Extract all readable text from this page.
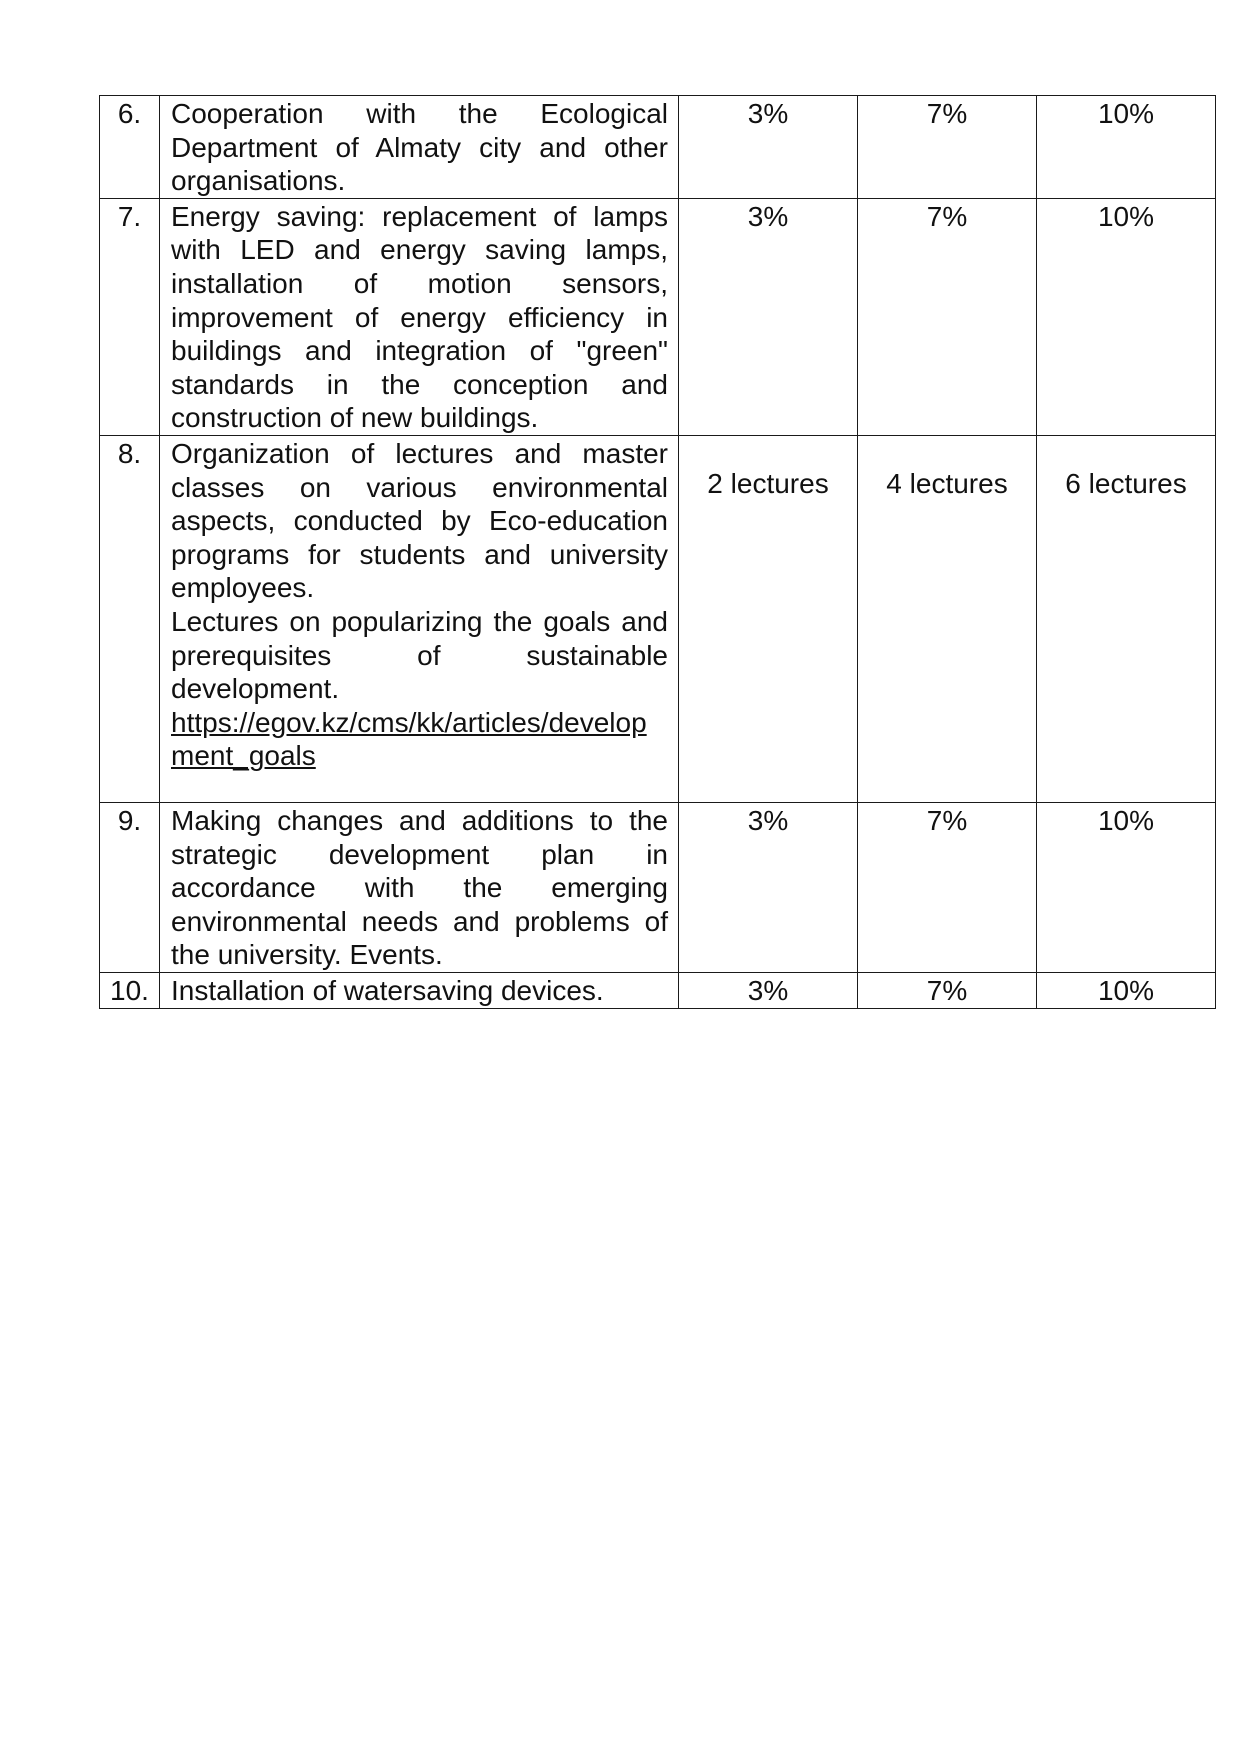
6.	Cooperation with the Ecological Department of Almaty city and other organisations.	3%	7%	10%
7.	Energy saving: replacement of lamps with LED and energy saving lamps, installation of motion sensors, improvement of energy efficiency in buildings and integration of "green" standards in the conception and construction of new buildings.	3%	7%	10%
8.	Organization of lectures and master classes on various environmental aspects, conducted by Eco-education programs for students and university employees.
Lectures on popularizing the goals and prerequisites of sustainable development.
https://egov.kz/cms/kk/articles/development_goals	2 lectures	4 lectures	6 lectures
9.	Making changes and additions to the strategic development plan in accordance with the emerging environmental needs and problems of the university. Events.	3%	7%	10%
10.	Installation of watersaving devices.	3%	7%	10%
